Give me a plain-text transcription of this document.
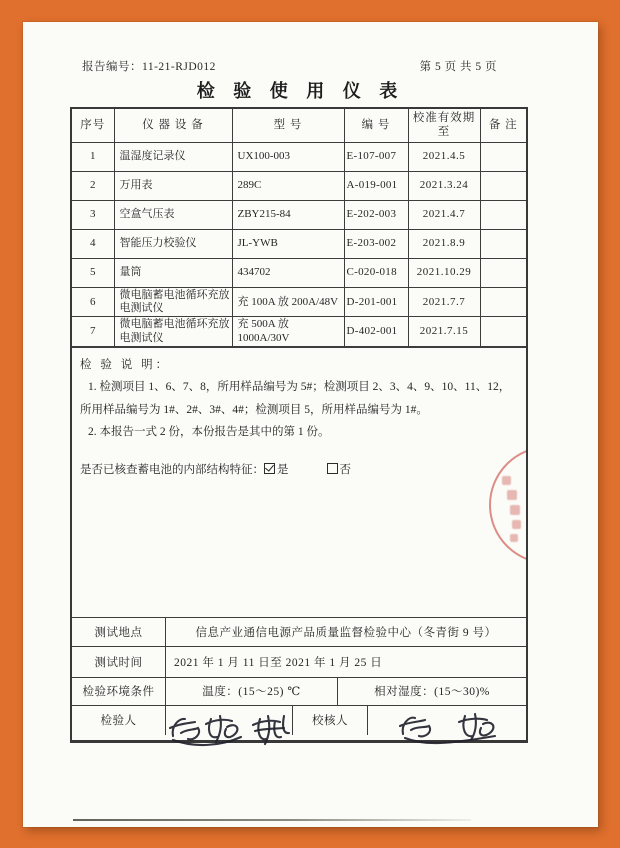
报告编号：11-21-RJD012	第 5 页 共 5 页
检 验 使 用 仪 表
序号	仪 器 设 备	型 号	编 号	校准有效期至	备 注
1	温湿度记录仪	UX100-003	E-107-007	2021.4.5	
2	万用表	289C	A-019-001	2021.3.24	
3	空盒气压表	ZBY215-84	E-202-003	2021.4.7	
4	智能压力校验仪	JL-YWB	E-203-002	2021.8.9	
5	量筒	434702	C-020-018	2021.10.29	
6	微电脑蓄电池循环充放电测试仪	充 100A 放 200A/48V	D-201-001	2021.7.7	
7	微电脑蓄电池循环充放电测试仪	充 500A 放 1000A/30V	D-402-001	2021.7.15	

检 验 说 明：

1. 检测项目 1、6、7、8，所用样品编号为 5#；检测项目 2、3、4、9、10、11、12，所用样品编号为 1#、2#、3#、4#；检测项目 5，所用样品编号为 1#。

2. 本报告一式 2 份，本份报告是其中的第 1 份。

是否已核查蓄电池的内部结构特征： 是	否

测试地点	信息产业通信电源产品质量监督检验中心（冬青街 9 号）
测试时间	2021 年 1 月 11 日至 2021 年 1 月 25 日
检验环境条件	温度：(15～25) ℃	相对湿度：(15～30)%
检验人	校核人
